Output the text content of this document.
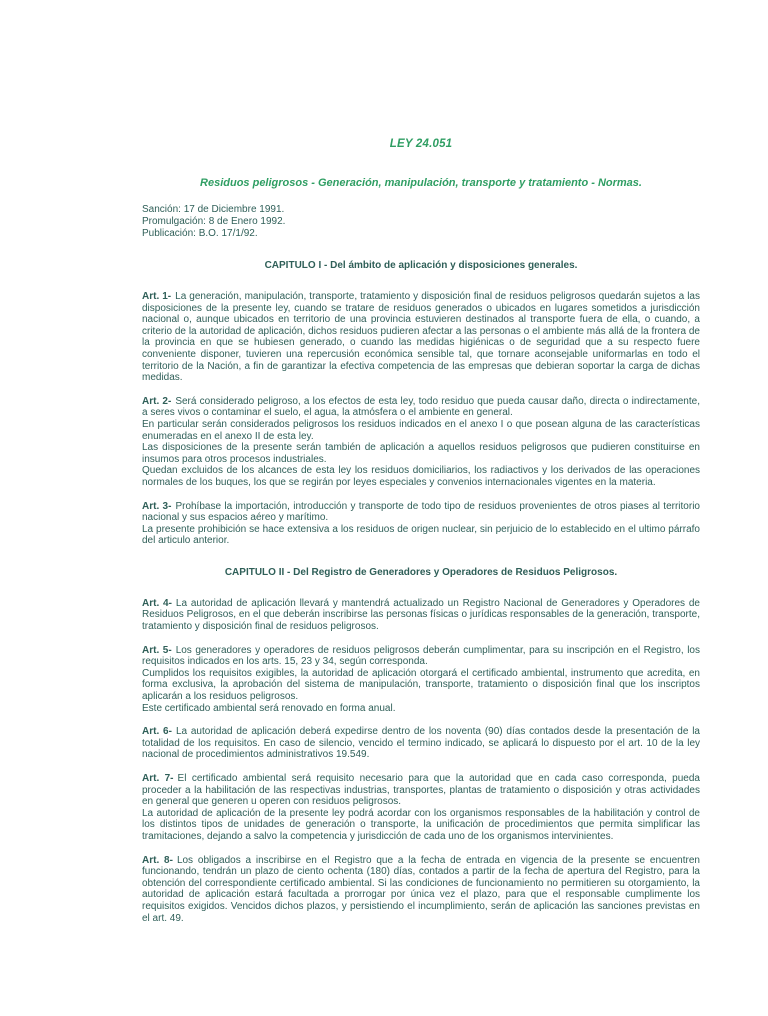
LEY 24.051
Residuos peligrosos - Generación, manipulación, transporte y tratamiento - Normas.

Sanción: 17 de Diciembre 1991.

Promulgación: 8 de Enero 1992.

Publicación: B.O. 17/1/92.

CAPITULO I - Del ámbito de aplicación y disposiciones generales.

Art. 1- La generación, manipulación, transporte, tratamiento y disposición final de residuos peligrosos quedarán sujetos a las disposiciones de la presente ley, cuando se tratare de residuos generados o ubicados en lugares sometidos a jurisdicción nacional o, aunque ubicados en territorio de una provincia estuvieren destinados al transporte fuera de ella, o cuando, a criterio de la autoridad de aplicación, dichos residuos pudieren afectar a las personas o el ambiente más allá de la frontera de la provincia en que se hubiesen generado, o cuando las medidas higiénicas o de seguridad que a su respecto fuere conveniente disponer, tuvieren una repercusión económica sensible tal, que tornare aconsejable uniformarlas en todo el territorio de la Nación, a fin de garantizar la efectiva competencia de las empresas que debieran soportar la carga de dichas medidas.

Art. 2- Será considerado peligroso, a los efectos de esta ley, todo residuo que pueda causar daño, directa o indirectamente, a seres vivos o contaminar el suelo, el agua, la atmósfera o el ambiente en general.

En particular serán considerados peligrosos los residuos indicados en el anexo I o que posean alguna de las características enumeradas en el anexo II de esta ley.

Las disposiciones de la presente serán también de aplicación a aquellos residuos peligrosos que pudieren constituirse en insumos para otros procesos industriales.

Quedan excluidos de los alcances de esta ley los residuos domiciliarios, los radiactivos y los derivados de las operaciones normales de los buques, los que se regirán por leyes especiales y convenios internacionales vigentes en la materia.

Art. 3- Prohíbase la importación, introducción y transporte de todo tipo de residuos provenientes de otros piases al territorio nacional y sus espacios aéreo y marítimo.

La presente prohibición se hace extensiva a los residuos de origen nuclear, sin perjuicio de lo establecido en el ultimo párrafo del articulo anterior.

CAPITULO II - Del Registro de Generadores y Operadores de Residuos Peligrosos.

Art. 4- La autoridad de aplicación llevará y mantendrá actualizado un Registro Nacional de Generadores y Operadores de Residuos Peligrosos, en el que deberán inscribirse las personas físicas o jurídicas responsables de la generación, transporte, tratamiento y disposición final de residuos peligrosos.

Art. 5- Los generadores y operadores de residuos peligrosos deberán cumplimentar, para su inscripción en el Registro, los requisitos indicados en los arts. 15, 23 y 34, según corresponda.

Cumplidos los requisitos exigibles, la autoridad de aplicación otorgará el certificado ambiental, instrumento que acredita, en forma exclusiva, la aprobación del sistema de manipulación, transporte, tratamiento o disposición final que los inscriptos aplicarán a los residuos peligrosos.

Este certificado ambiental será renovado en forma anual.

Art. 6- La autoridad de aplicación deberá expedirse dentro de los noventa (90) días contados desde la presentación de la totalidad de los requisitos. En caso de silencio, vencido el termino indicado, se aplicará lo dispuesto por el art. 10 de la ley nacional de procedimientos administrativos 19.549.

Art. 7- El certificado ambiental será requisito necesario para que la autoridad que en cada caso corresponda, pueda proceder a la habilitación de las respectivas industrias, transportes, plantas de tratamiento o disposición y otras actividades en general que generen u operen con residuos peligrosos.

La autoridad de aplicación de la presente ley podrá acordar con los organismos responsables de la habilitación y control de los distintos tipos de unidades de generación o transporte, la unificación de procedimientos que permita simplificar las tramitaciones, dejando a salvo la competencia y jurisdicción de cada uno de los organismos intervinientes.

Art. 8- Los obligados a inscribirse en el Registro que a la fecha de entrada en vigencia de la presente se encuentren funcionando, tendrán un plazo de ciento ochenta (180) días, contados a partir de la fecha de apertura del Registro, para la obtención del correspondiente certificado ambiental. Si las condiciones de funcionamiento no permitieren su otorgamiento, la autoridad de aplicación estará facultada a prorrogar por única vez el plazo, para que el responsable cumplimente los requisitos exigidos. Vencidos dichos plazos, y persistiendo el incumplimiento, serán de aplicación las sanciones previstas en el art. 49.
